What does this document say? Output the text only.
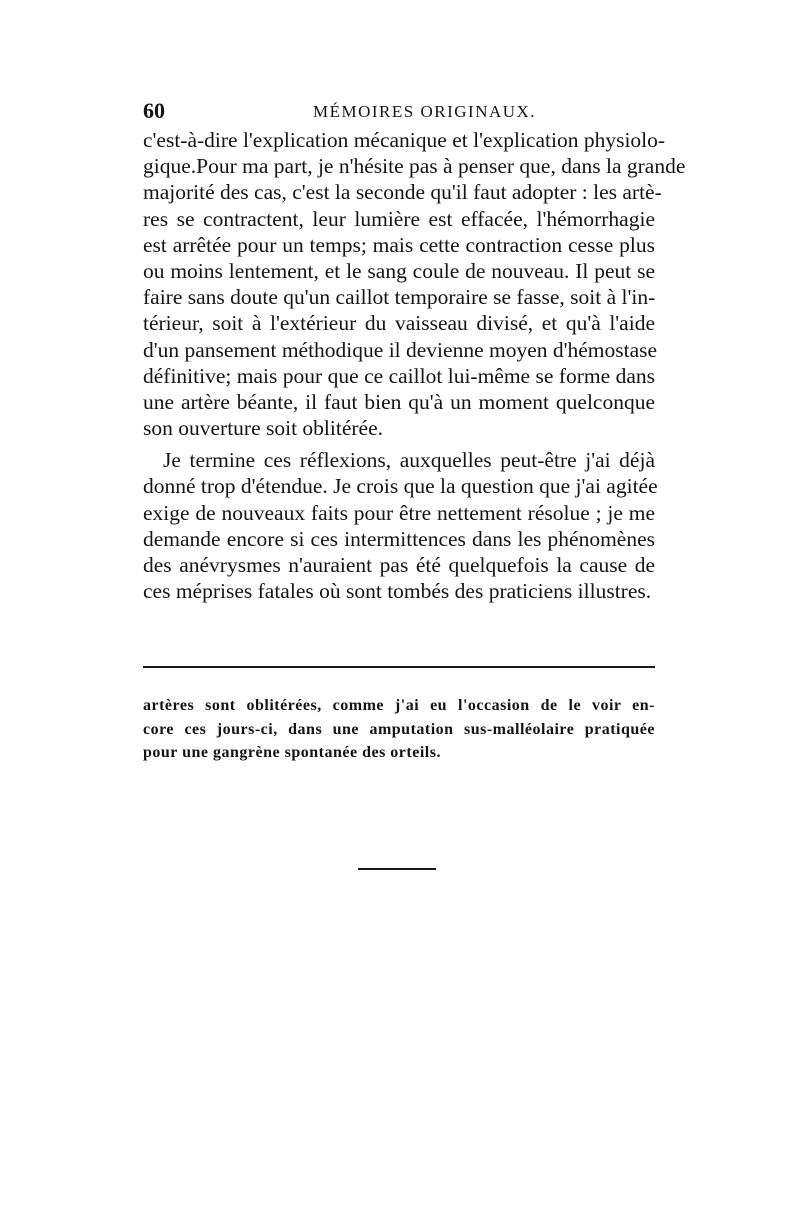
60	MÉMOIRES ORIGINAUX.
c'est-à-dire l'explication mécanique et l'explication physiolo-
gique.Pour ma part, je n'hésite pas à penser que, dans la grande
majorité des cas, c'est la seconde qu'il faut adopter : les artè-
res se contractent, leur lumière est effacée, l'hémorrhagie
est arrêtée pour un temps; mais cette contraction cesse plus
ou moins lentement, et le sang coule de nouveau. Il peut se
faire sans doute qu'un caillot temporaire se fasse, soit à l'in-
térieur, soit à l'extérieur du vaisseau divisé, et qu'à l'aide
d'un pansement méthodique il devienne moyen d'hémostase
définitive; mais pour que ce caillot lui-même se forme dans
une artère béante, il faut bien qu'à un moment quelconque
son ouverture soit oblitérée.
Je termine ces réflexions, auxquelles peut-être j'ai déjà
donné trop d'étendue. Je crois que la question que j'ai agitée
exige de nouveaux faits pour être nettement résolue ; je me
demande encore si ces intermittences dans les phénomènes
des anévrysmes n'auraient pas été quelquefois la cause de
ces méprises fatales où sont tombés des praticiens illustres.
artères sont oblitérées, comme j'ai eu l'occasion de le voir en-
core ces jours-ci, dans une amputation sus-malléolaire pratiquée
pour une gangrène spontanée des orteils.
